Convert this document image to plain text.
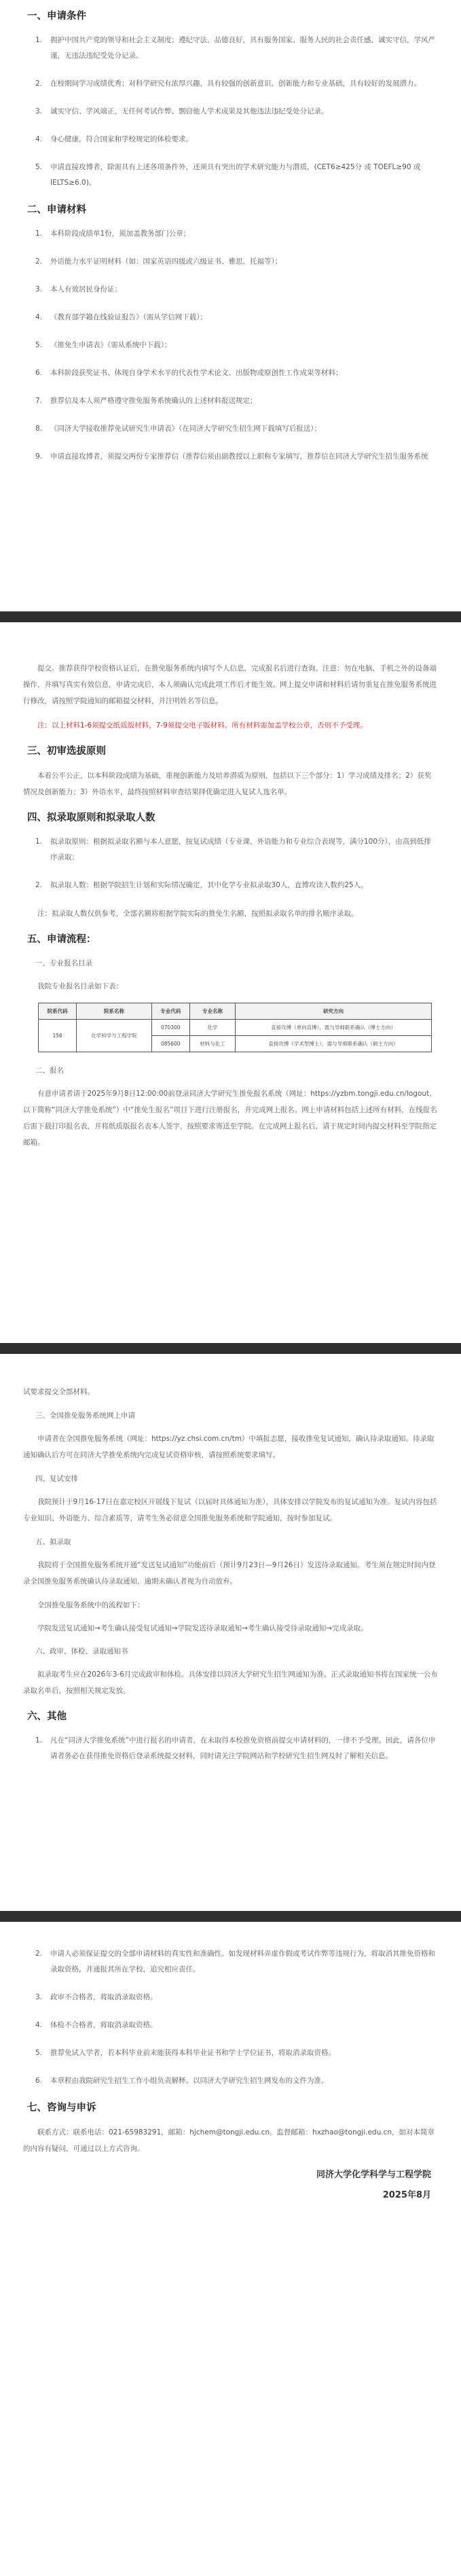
一、申请条件
1.	拥护中国共产党的领导和社会主义制度；遵纪守法，品德良好，具有服务国家、服务人民的社会责任感，诚实守信，学风严谨，无违法违纪受处分记录。
2.	在校期间学习成绩优秀；对科学研究有浓厚兴趣，具有较强的创新意识、创新能力和专业基础，具有较好的发展潜力。
3.	诚实守信、学风端正，无任何考试作弊、剽窃他人学术成果及其他违法违纪受处分记录。
4.	身心健康，符合国家和学校规定的体检要求。
5.	申请直接攻博者，除需具有上述各项条件外，还须具有突出的学术研究能力与潜质，(CET6≥425分 或 TOEFL≥90 或 IELTS≥6.0)。
二、申请材料
1.	本科阶段成绩单1份，须加盖教务部门公章；
2.	外语能力水平证明材料（如：国家英语四级或六级证书、雅思、托福等）；
3.	本人有效居民身份证；
4.	《教育部学籍在线验证报告》（需从学信网下载）；
5.	《推免生申请表》（需从系统中下载）；
6.	本科阶段获奖证书、体现自身学术水平的代表性学术论文、出版物或原创性工作成果等材料；
7.	推荐信及本人须严格遵守推免服务系统确认的上述材料报送规定；
8.	《同济大学接收推荐免试研究生申请表》（在同济大学研究生招生网下载填写后报送）；
9.	申请直接攻博者，须提交两份专家推荐信（推荐信须由副教授以上职称专家填写，推荐信在同济大学研究生招生服务系统

提交。推荐获得学校资格认证后，在推免服务系统内填写个人信息，完成报名后进行查询。注意：勿在电脑、手机之外的设备端操作，并填写真实有效信息，申请完成后，本人须确认完成此项工作后才能生效。网上提交申请和材料后请勿重复在推免服务系统进行修改，请按照学院通知的邮箱提交材料，并注明姓名等信息。

注：以上材料1-6须提交纸质版材料，7-9须提交电子版材料。所有材料需加盖学校公章，否则不予受理。

三、初审选拔原则

本着公平公正，以本科阶段成绩为基础，重视创新能力及培养潜质为原则，包括以下三个部分：1）学习成绩及排名；2）获奖情况及创新能力；3）外语水平，最终按照材料审查结果择优确定进入复试人选名单。

四、拟录取原则和拟录取人数
1.	拟录取原则：根据拟录取名额与本人意愿，按复试成绩（专业课、外语能力和专业综合表现等，满分100分），由高到低排序录取；
2.	拟录取人数：根据学院招生计划和实际情况确定，其中化学专业拟录取30人，直博攻读人数约25人。

注：拟录取人数仅供参考，全部名额将根据学院实际的推免生名额，按照拟录取名单的排名顺序录取。

五、申请流程：
一、专业报名目录

我院专业报名目录如下表：

院系代码	院系名称	专业代码	专业名称	研究方向
156	化学科学与工程学院	070300	化学	直接攻博（单向直博），需与导师联系确认（博士方向）
		085600	材料与化工	直接攻博（学术型博士），需与导师联系确认（硕士方向）
二、报名

有意申请者请于2025年9月8日12:00:00前登录同济大学研究生推免报名系统（网址：https://yzbm.tongji.edu.cn/logout，以下简称“同济大学推免系统”）中“推免生报名”项目下进行注册报名，并完成网上报名。网上申请材料包括上述所有材料，在线报名后需下载打印报名表，并将纸质版报名表本人签字，按照要求寄送至学院。在完成网上报名后，请于规定时间内提交材料至学院指定邮箱。

试要求提交全部材料。

三、全国推免服务系统网上申请

申请者在全国推免服务系统（网址：https://yz.chsi.com.cn/tm）中填报志愿，接收推免复试通知，确认待录取通知。待录取通知确认后方可在同济大学推免系统内完成复试资格审核，请按照系统要求填写。

四、复试安排

我院预计于9月16-17日在嘉定校区开展线下复试（以届时具体通知为准），具体安排以学院发布的复试通知为准。复试内容包括专业知识、外语能力、综合素质等，请考生务必留意全国推免服务系统和学院通知，按时参加复试。

五、拟录取

我院将于全国推免服务系统开通“发送复试通知”功能前后（预计9月23日—9月26日）发送待录取通知。考生须在规定时间内登录全国推免服务系统确认待录取通知，逾期未确认者视为自动放弃。

全国推免服务系统中的流程如下：

学院发送复试通知→考生确认接受复试通知→学院发送待录取通知→考生确认接受待录取通知→完成录取。

六、政审、体检、录取通知书

拟录取考生应在2026年3-6月完成政审和体检。具体安排以同济大学研究生招生网通知为准。正式录取通知书将在国家统一公布录取名单后，按照相关规定发放。

六、其他
1.	凡在“同济大学推免系统”中进行报名的申请者，在未取得本校推免资格前提交申请材料的，一律不予受理。因此，请各位申请者务必在获得推免资格后登录系统提交材料，同时请关注学院网站和学校研究生招生网及时了解相关信息。
2.	申请人必须保证提交的全部申请材料的真实性和准确性。如发现材料弄虚作假或考试作弊等违规行为，将取消其推免资格和录取资格，并通报其所在学校，追究相应责任。
3.	政审不合格者，将取消录取资格。
4.	体检不合格者，将取消录取资格。
5.	推荐免试入学者，若本科毕业前未能获得本科毕业证书和学士学位证书，将取消录取资格。
6.	本章程由我院研究生招生工作小组负责解释。以同济大学研究生招生网发布的文件为准。
七、咨询与申诉

联系方式：联系电话：021-65983291，邮箱：hjchem@tongji.edu.cn。监督邮箱：hxzhao@tongji.edu.cn，如对本简章的内容有疑问，可通过以上方式咨询。

同济大学化学科学与工程学院
2025年8月
